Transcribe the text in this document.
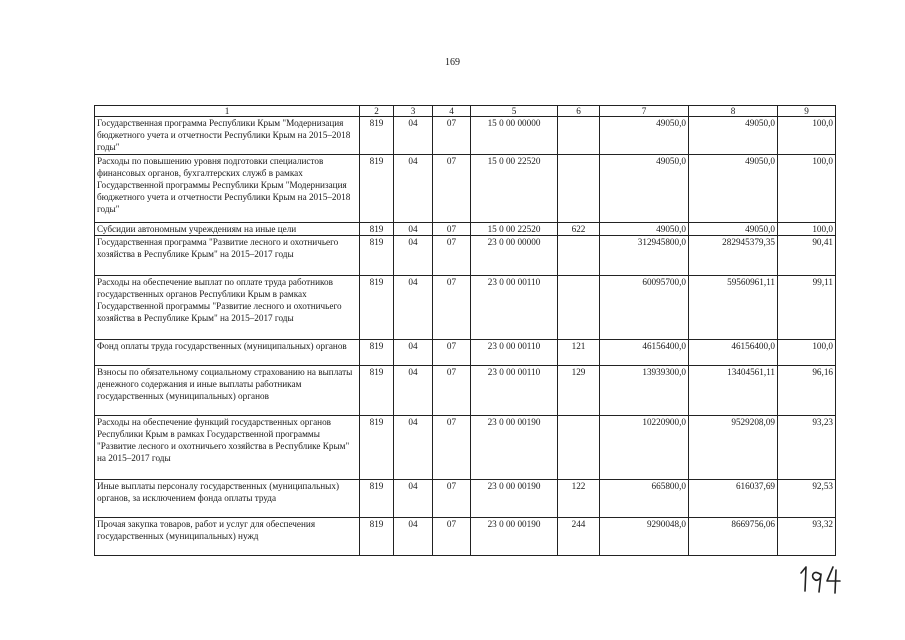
169
1	2	3	4	5	6	7	8	9
Государственная программа Республики Крым "Модернизация бюджетного учета и отчетности Республики Крым на 2015–2018 годы"	819	04	07	15 0 00 00000		49050,0	49050,0	100,0
Расходы по повышению уровня подготовки специалистов финансовых органов, бухгалтерских служб в рамках Государственной программы Республики Крым "Модернизация бюджетного учета и отчетности Республики Крым на 2015–2018 годы"	819	04	07	15 0 00 22520		49050,0	49050,0	100,0
Субсидии автономным учреждениям на иные цели	819	04	07	15 0 00 22520	622	49050,0	49050,0	100,0
Государственная программа "Развитие лесного и охотничьего хозяйства в Республике Крым" на 2015–2017 годы	819	04	07	23 0 00 00000		312945800,0	282945379,35	90,41
Расходы на обеспечение выплат по оплате труда работников государственных органов Республики Крым в рамках Государственной программы "Развитие лесного и охотничьего хозяйства в Республике Крым" на 2015–2017 годы	819	04	07	23 0 00 00110		60095700,0	59560961,11	99,11
Фонд оплаты труда государственных (муниципальных) органов	819	04	07	23 0 00 00110	121	46156400,0	46156400,0	100,0
Взносы по обязательному социальному страхованию на выплаты денежного содержания и иные выплаты работникам государственных (муниципальных) органов	819	04	07	23 0 00 00110	129	13939300,0	13404561,11	96,16
Расходы на обеспечение функций государственных органов Республики Крым в рамках Государственной программы "Развитие лесного и охотничьего хозяйства в Республике Крым" на 2015–2017 годы	819	04	07	23 0 00 00190		10220900,0	9529208,09	93,23
Иные выплаты персоналу государственных (муниципальных) органов, за исключением фонда оплаты труда	819	04	07	23 0 00 00190	122	665800,0	616037,69	92,53
Прочая закупка товаров, работ и услуг для обеспечения государственных (муниципальных) нужд	819	04	07	23 0 00 00190	244	9290048,0	8669756,06	93,32
